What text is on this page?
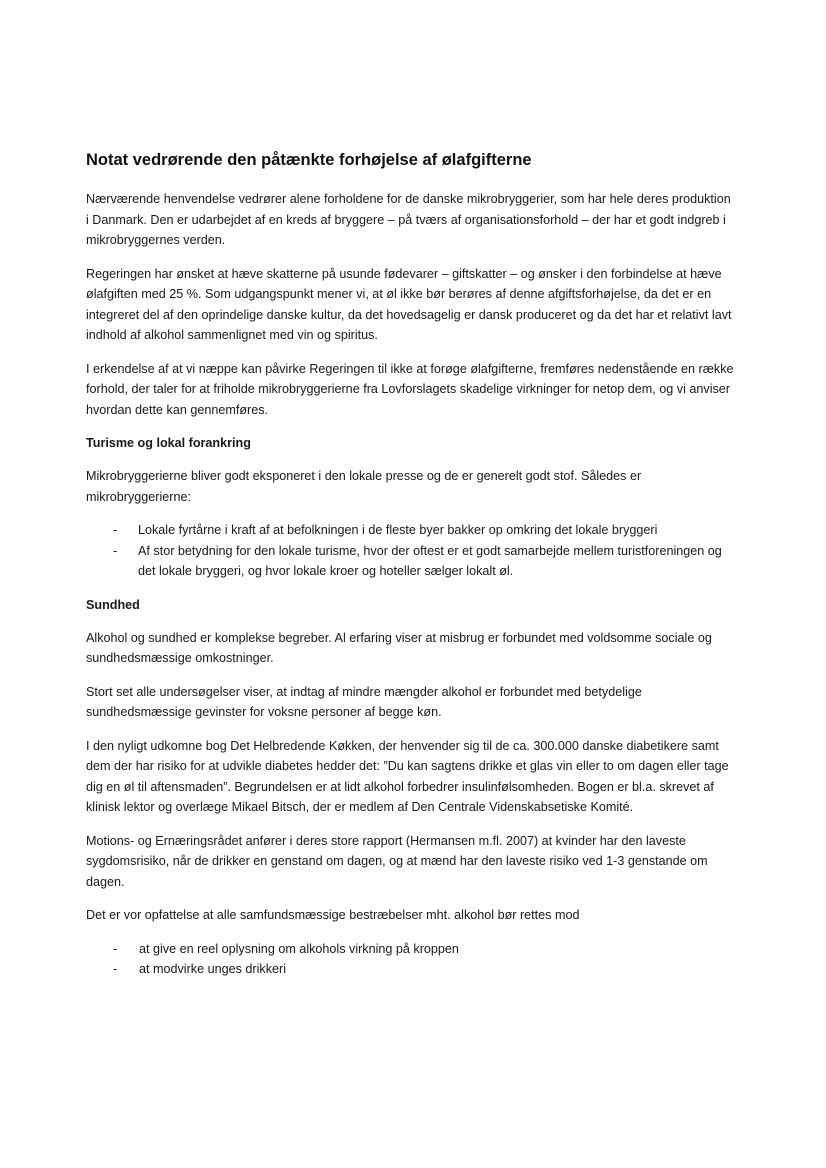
Notat vedrørende den påtænkte forhøjelse af ølafgifterne

Nærværende henvendelse vedrører alene forholdene for de danske mikrobryggerier, som har hele deres produktion i Danmark. Den er udarbejdet af en kreds af bryggere – på tværs af organisationsforhold – der har et godt indgreb i mikrobryggernes verden.

Regeringen har ønsket at hæve skatterne på usunde fødevarer – giftskatter – og ønsker i den forbindelse at hæve ølafgiften med 25 %. Som udgangspunkt mener vi, at øl ikke bør berøres af denne afgiftsforhøjelse, da det er en integreret del af den oprindelige danske kultur, da det hovedsagelig er dansk produceret og da det har et relativt lavt indhold af alkohol sammenlignet med vin og spiritus.

I erkendelse af at vi næppe kan påvirke Regeringen til ikke at forøge ølafgifterne, fremføres nedenstående en række forhold, der taler for at friholde mikrobryggerierne fra Lovforslagets skadelige virkninger for netop dem, og vi anviser hvordan dette kan gennemføres.

Turisme og lokal forankring

Mikrobryggerierne bliver godt eksponeret i den lokale presse og de er generelt godt stof. Således er mikrobryggerierne:

- Lokale fyrtårne i kraft af at befolkningen i de fleste byer bakker op omkring det lokale bryggeri
- Af stor betydning for den lokale turisme, hvor der oftest er et godt samarbejde mellem turistforeningen og det lokale bryggeri, og hvor lokale kroer og hoteller sælger lokalt øl.
Sundhed

Alkohol og sundhed er komplekse begreber. Al erfaring viser at misbrug er forbundet med voldsomme sociale og sundhedsmæssige omkostninger.

Stort set alle undersøgelser viser, at indtag af mindre mængder alkohol er forbundet med betydelige sundhedsmæssige gevinster for voksne personer af begge køn.

I den nyligt udkomne bog Det Helbredende Køkken, der henvender sig til de ca. 300.000 danske diabetikere samt dem der har risiko for at udvikle diabetes hedder det: ”Du kan sagtens drikke et glas vin eller to om dagen eller tage dig en øl til aftensmaden”. Begrundelsen er at lidt alkohol forbedrer insulinfølsomheden. Bogen er bl.a. skrevet af klinisk lektor og overlæge Mikael Bitsch, der er medlem af Den Centrale Videnskabsetiske Komité.

Motions- og Ernæringsrådet anfører i deres store rapport (Hermansen m.fl. 2007) at kvinder har den laveste sygdomsrisiko, når de drikker en genstand om dagen, og at mænd har den laveste risiko ved 1-3 genstande om dagen.

Det er vor opfattelse at alle samfundsmæssige bestræbelser mht. alkohol bør rettes mod

- at give en reel oplysning om alkohols virkning på kroppen
- at modvirke unges drikkeri
